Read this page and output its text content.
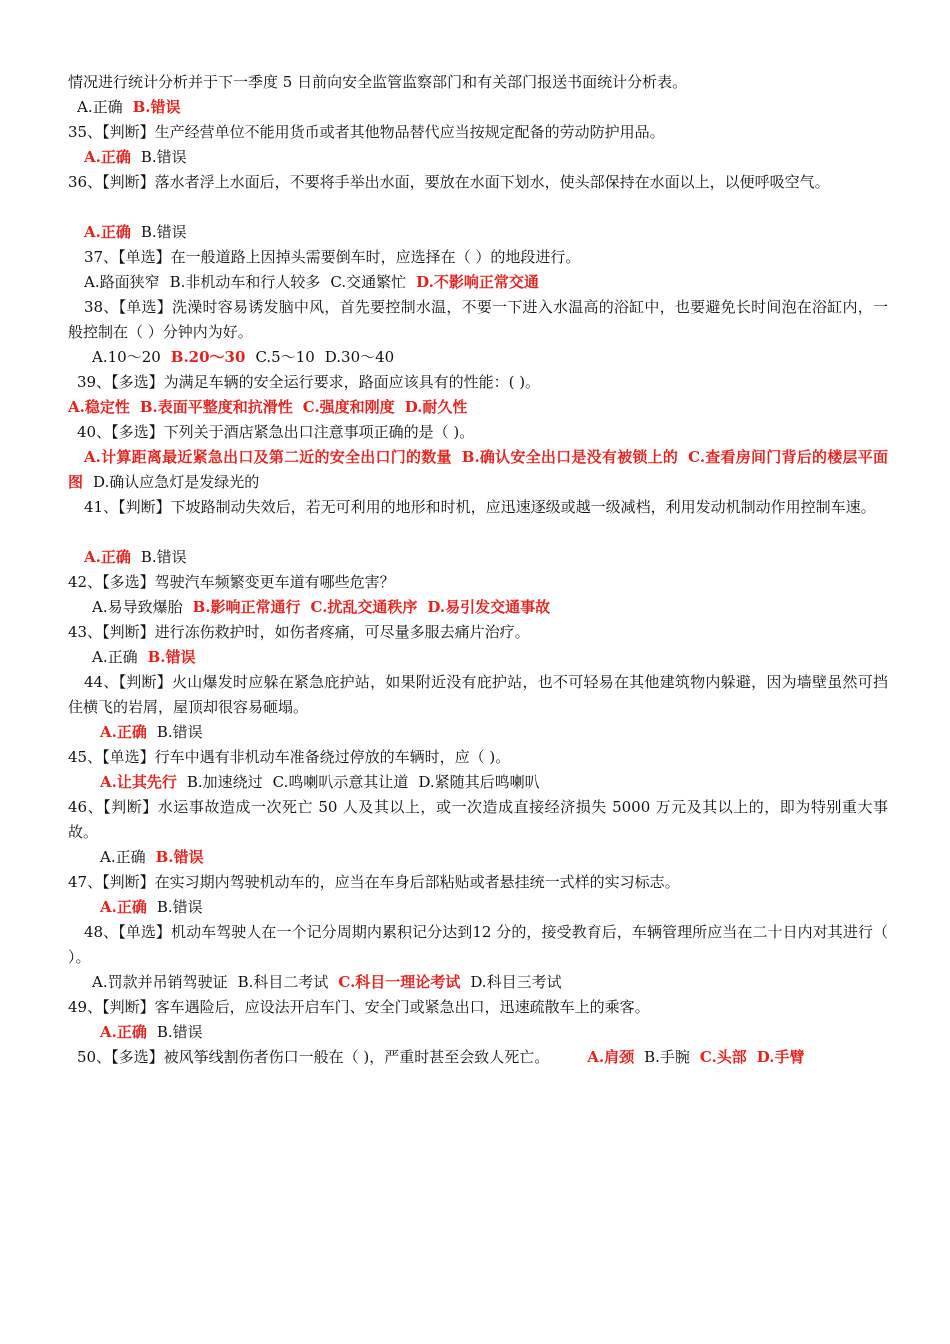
情况进行统计分析并于下一季度 5 日前向安全监管监察部门和有关部门报送书面统计分析表。
A.正确 B.错误
35、【判断】生产经营单位不能用货币或者其他物品替代应当按规定配备的劳动防护用品。
A.正确 B.错误
36、【判断】落水者浮上水面后，不要将手举出水面，要放在水面下划水，使头部保持在水面以上，以便呼吸空气。
A.正确 B.错误
37、【单选】在一般道路上因掉头需要倒车时，应选择在（ ）的地段进行。
A.路面狭窄 B.非机动车和行人较多 C.交通繁忙 D.不影响正常交通
38、【单选】洗澡时容易诱发脑中风，首先要控制水温，不要一下进入水温高的浴缸中，也要避免长时间泡在浴缸内，一般控制在（ ）分钟内为好。
A.10～20 B.20～30 C.5～10 D.30～40
39、【多选】为满足车辆的安全运行要求，路面应该具有的性能：( )。
A.稳定性 B.表面平整度和抗滑性 C.强度和刚度 D.耐久性
40、【多选】下列关于酒店紧急出口注意事项正确的是（ )。
A.计算距离最近紧急出口及第二近的安全出口门的数量 B.确认安全出口是没有被锁上的 C.查看房间门背后的楼层平面图 D.确认应急灯是发绿光的
41、【判断】下坡路制动失效后，若无可利用的地形和时机，应迅速逐级或越一级减档，利用发动机制动作用控制车速。
A.正确 B.错误
42、【多选】驾驶汽车频繁变更车道有哪些危害？
A.易导致爆胎 B.影响正常通行 C.扰乱交通秩序 D.易引发交通事故
43、【判断】进行冻伤救护时，如伤者疼痛，可尽量多服去痛片治疗。
A.正确 B.错误
44、【判断】火山爆发时应躲在紧急庇护站，如果附近没有庇护站，也不可轻易在其他建筑物内躲避，因为墙壁虽然可挡住横飞的岩屑，屋顶却很容易砸塌。
A.正确 B.错误
45、【单选】行车中遇有非机动车准备绕过停放的车辆时，应（ )。
A.让其先行 B.加速绕过 C.鸣喇叭示意其让道 D.紧随其后鸣喇叭
46、【判断】水运事故造成一次死亡 50 人及其以上，或一次造成直接经济损失 5000 万元及其以上的，即为特别重大事故。
A.正确 B.错误
47、【判断】在实习期内驾驶机动车的，应当在车身后部粘贴或者悬挂统一式样的实习标志。
A.正确 B.错误
48、【单选】机动车驾驶人在一个记分周期内累积记分达到12 分的，接受教育后，车辆管理所应当在二十日内对其进行（ ）。
A.罚款并吊销驾驶证 B.科目二考试 C.科目一理论考试 D.科目三考试
49、【判断】客车遇险后，应设法开启车门、安全门或紧急出口，迅速疏散车上的乘客。
A.正确 B.错误
50、【多选】被风筝线割伤者伤口一般在（ )，严重时甚至会致人死亡。	A.肩颈 B.手腕 C.头部 D.手臂
